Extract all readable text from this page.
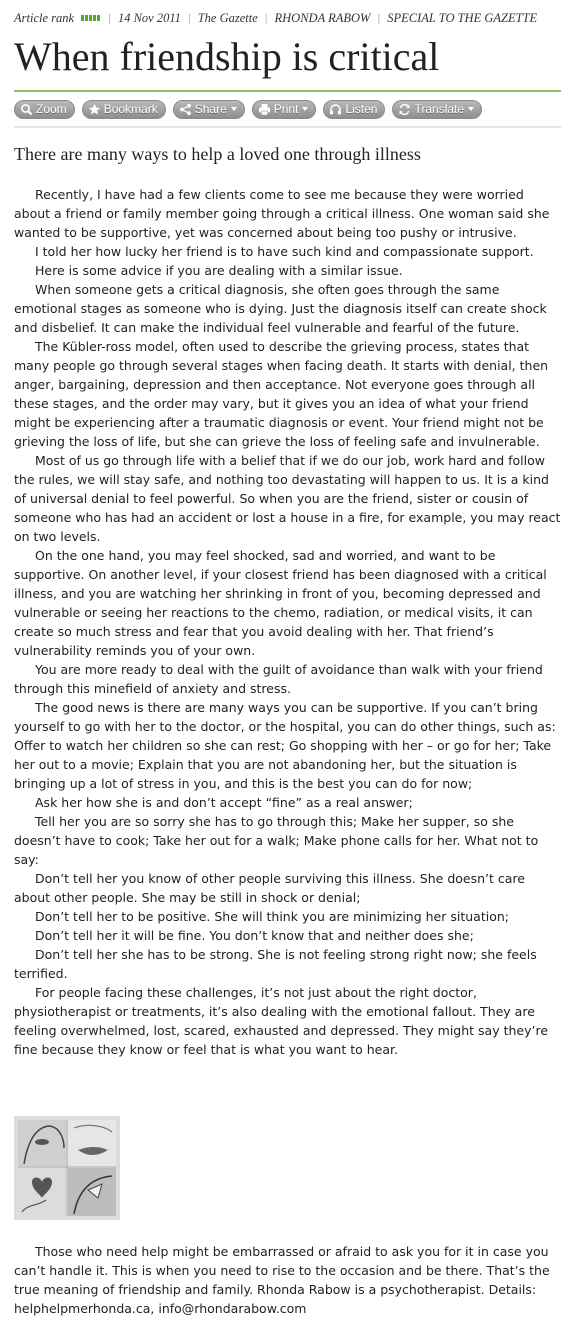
Article rank	| 14 Nov 2011 | The Gazette | RHONDA RABOW | SPECIAL TO THE GAZETTE
When friendship is critical
Zoom	Bookmark	Share	Print	Listen	Translate
There are many ways to help a loved one through illness

Recently, I have had a few clients come to see me because they were worried about a friend or family member going through a critical illness. One woman said she wanted to be supportive, yet was concerned about being too pushy or intrusive.

I told her how lucky her friend is to have such kind and compassionate support.

Here is some advice if you are dealing with a similar issue.

When someone gets a critical diagnosis, she often goes through the same emotional stages as someone who is dying. Just the diagnosis itself can create shock and disbelief. It can make the individual feel vulnerable and fearful of the future.

The Kübler-ross model, often used to describe the grieving process, states that many people go through several stages when facing death. It starts with denial, then anger, bargaining, depression and then acceptance. Not everyone goes through all these stages, and the order may vary, but it gives you an idea of what your friend might be experiencing after a traumatic diagnosis or event. Your friend might not be grieving the loss of life, but she can grieve the loss of feeling safe and invulnerable.

Most of us go through life with a belief that if we do our job, work hard and follow the rules, we will stay safe, and nothing too devastating will happen to us. It is a kind of universal denial to feel powerful. So when you are the friend, sister or cousin of someone who has had an accident or lost a house in a fire, for example, you may react on two levels.

On the one hand, you may feel shocked, sad and worried, and want to be supportive. On another level, if your closest friend has been diagnosed with a critical illness, and you are watching her shrinking in front of you, becoming depressed and vulnerable or seeing her reactions to the chemo, radiation, or medical visits, it can create so much stress and fear that you avoid dealing with her. That friend’s vulnerability reminds you of your own.

You are more ready to deal with the guilt of avoidance than walk with your friend through this minefield of anxiety and stress.

The good news is there are many ways you can be supportive. If you can’t bring yourself to go with her to the doctor, or the hospital, you can do other things, such as: Offer to watch her children so she can rest; Go shopping with her – or go for her; Take her out to a movie; Explain that you are not abandoning her, but the situation is bringing up a lot of stress in you, and this is the best you can do for now;

Ask her how she is and don’t accept “fine” as a real answer;

Tell her you are so sorry she has to go through this; Make her supper, so she doesn’t have to cook; Take her out for a walk; Make phone calls for her. What not to say:

Don’t tell her you know of other people surviving this illness. She doesn’t care about other people. She may be still in shock or denial;

Don’t tell her to be positive. She will think you are minimizing her situation;

Don’t tell her it will be fine. You don’t know that and neither does she;

Don’t tell her she has to be strong. She is not feeling strong right now; she feels terrified.

For people facing these challenges, it’s not just about the right doctor, physiotherapist or treatments, it’s also dealing with the emotional fallout. They are feeling overwhelmed, lost, scared, exhausted and depressed. They might say they’re fine because they know or feel that is what you want to hear.

Those who need help might be embarrassed or afraid to ask you for it in case you can’t handle it. This is when you need to rise to the occasion and be there. That’s the true meaning of friendship and family. Rhonda Rabow is a psychotherapist. Details: helphelpmerhonda.ca, info@rhondarabow.com
